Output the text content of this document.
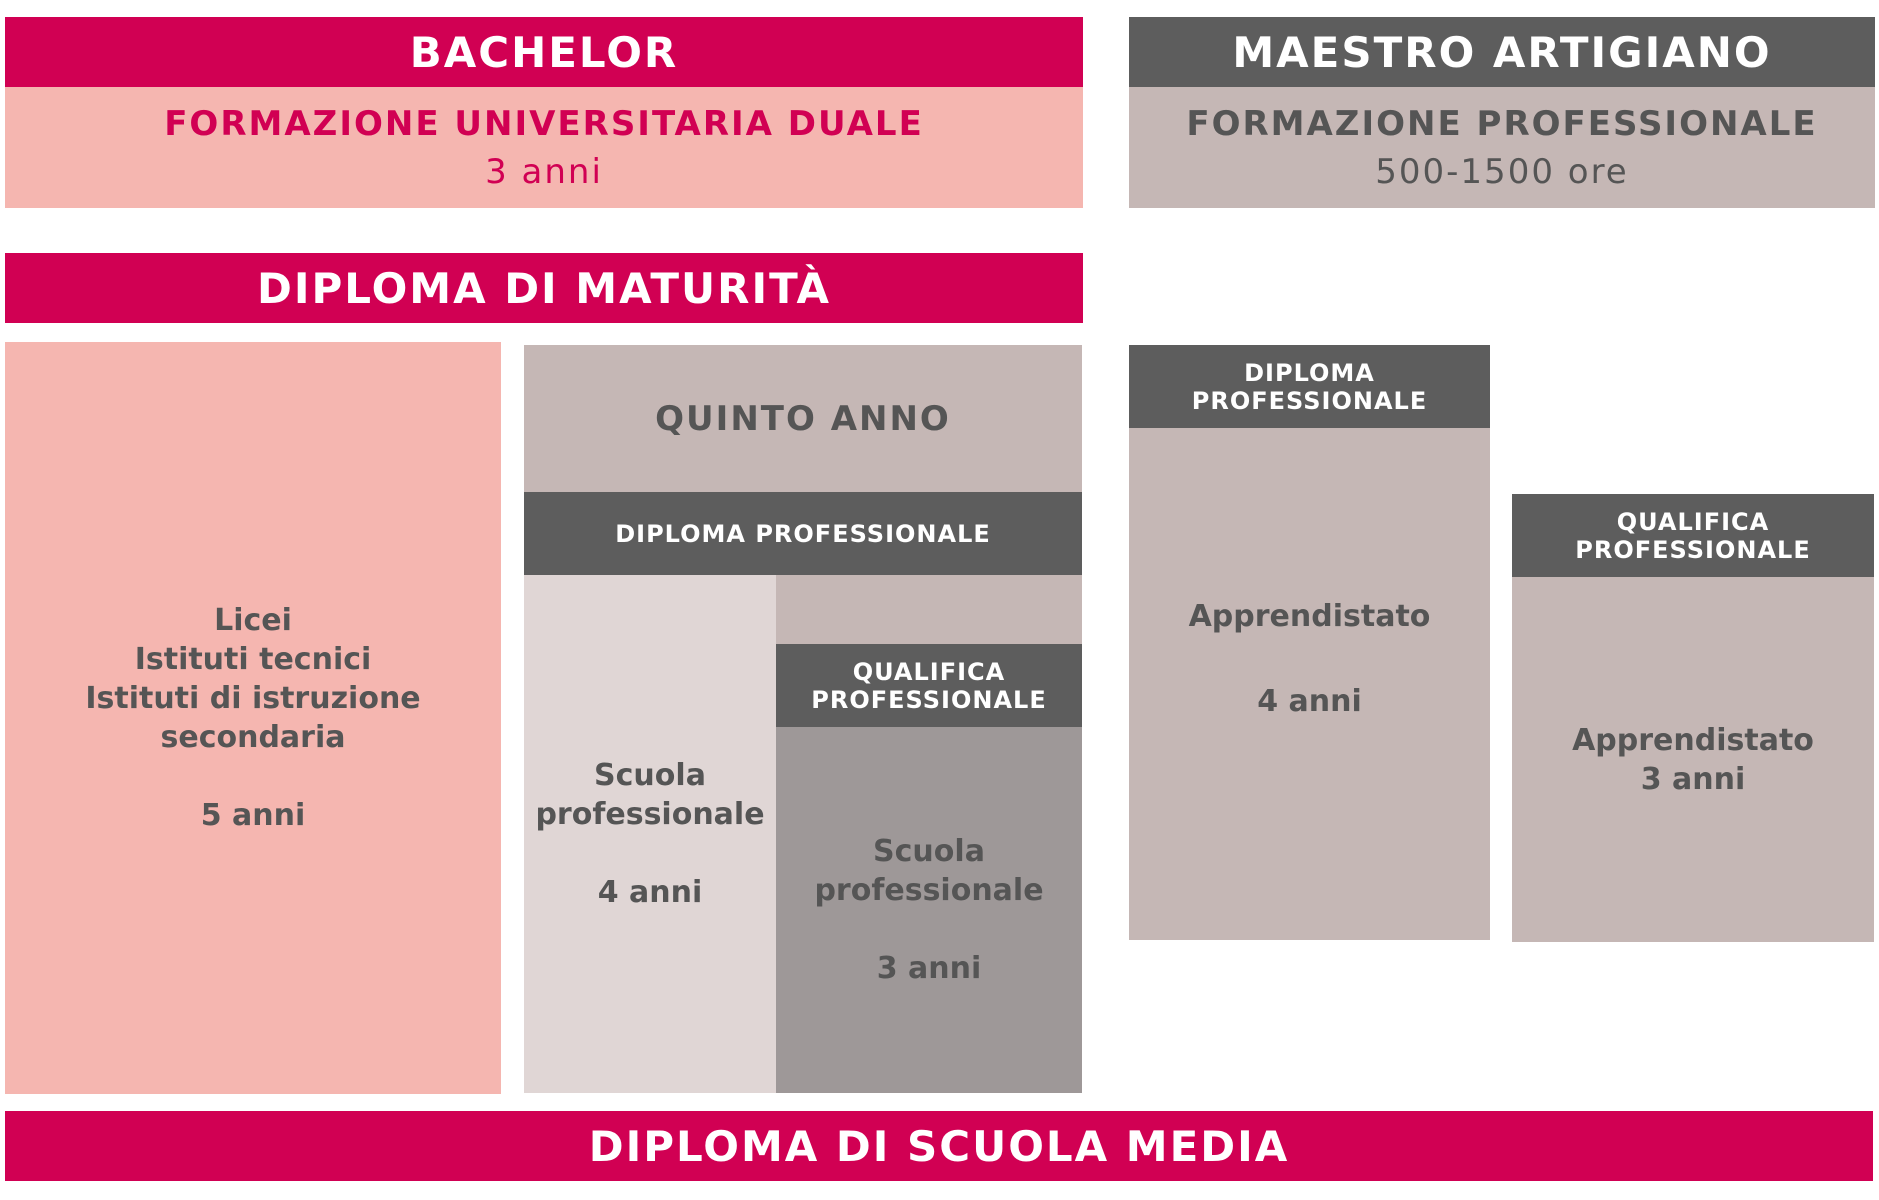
BACHELOR
FORMAZIONE UNIVERSITARIA DUALE
3 anni
MAESTRO ARTIGIANO
FORMAZIONE PROFESSIONALE
500-1500 ore
DIPLOMA DI MATURITÀ
Licei
Istituti tecnici
Istituti di istruzione secondaria
5 anni
QUINTO ANNO
DIPLOMA PROFESSIONALE
Scuola
professionale
4 anni
QUALIFICA
PROFESSIONALE
Scuola
professionale
3 anni
DIPLOMA
PROFESSIONALE
Apprendistato
4 anni
QUALIFICA
PROFESSIONALE
Apprendistato
3 anni
DIPLOMA DI SCUOLA MEDIA
